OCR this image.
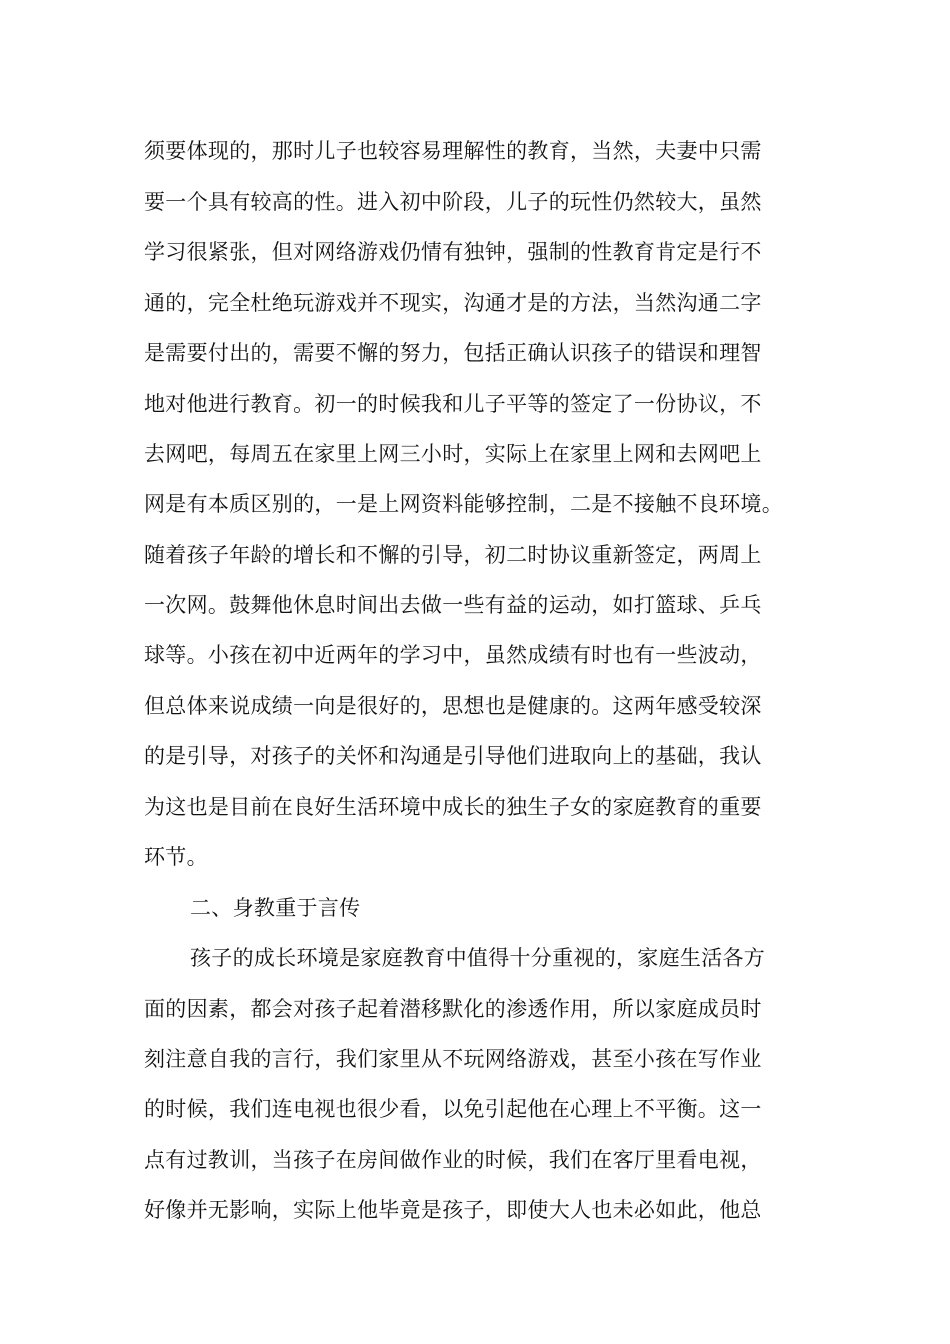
须要体现的，那时儿子也较容易理解性的教育，当然，夫妻中只需
要一个具有较高的性。进入初中阶段，儿子的玩性仍然较大，虽然
学习很紧张，但对网络游戏仍情有独钟，强制的性教育肯定是行不
通的，完全杜绝玩游戏并不现实，沟通才是的方法，当然沟通二字
是需要付出的，需要不懈的努力，包括正确认识孩子的错误和理智
地对他进行教育。初一的时候我和儿子平等的签定了一份协议，不
去网吧，每周五在家里上网三小时，实际上在家里上网和去网吧上
网是有本质区别的，一是上网资料能够控制，二是不接触不良环境。
随着孩子年龄的增长和不懈的引导，初二时协议重新签定，两周上
一次网。鼓舞他休息时间出去做一些有益的运动，如打篮球、乒乓
球等。小孩在初中近两年的学习中，虽然成绩有时也有一些波动，
但总体来说成绩一向是很好的，思想也是健康的。这两年感受较深
的是引导，对孩子的关怀和沟通是引导他们进取向上的基础，我认
为这也是目前在良好生活环境中成长的独生子女的家庭教育的重要
环节。
二、身教重于言传
孩子的成长环境是家庭教育中值得十分重视的，家庭生活各方
面的因素，都会对孩子起着潜移默化的渗透作用，所以家庭成员时
刻注意自我的言行，我们家里从不玩网络游戏，甚至小孩在写作业
的时候，我们连电视也很少看，以免引起他在心理上不平衡。这一
点有过教训，当孩子在房间做作业的时候，我们在客厅里看电视，
好像并无影响，实际上他毕竟是孩子，即使大人也未必如此，他总
